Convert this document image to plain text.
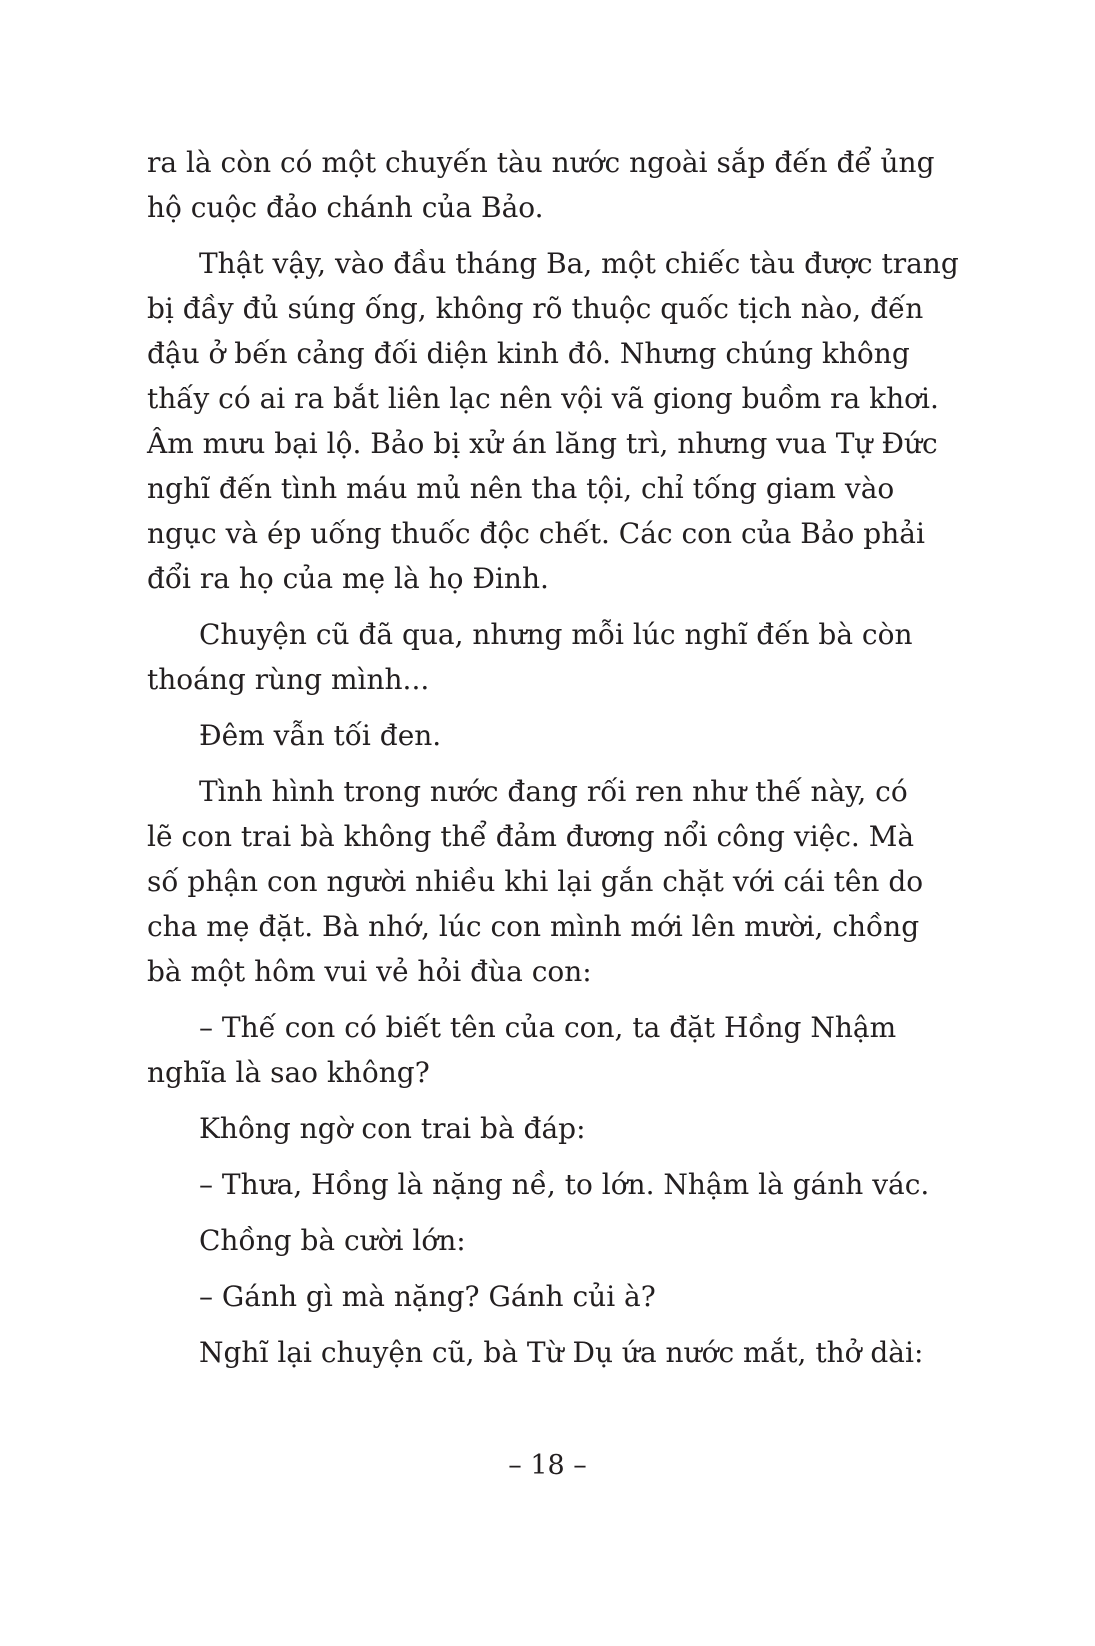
ra là còn có một chuyến tàu nước ngoài sắp đến để ủng
hộ cuộc đảo chánh của Bảo.
Thật vậy, vào đầu tháng Ba, một chiếc tàu được trang
bị đầy đủ súng ống, không rõ thuộc quốc tịch nào, đến
đậu ở bến cảng đối diện kinh đô. Nhưng chúng không
thấy có ai ra bắt liên lạc nên vội vã giong buồm ra khơi.
Âm mưu bại lộ. Bảo bị xử án lăng trì, nhưng vua Tự Đức
nghĩ đến tình máu mủ nên tha tội, chỉ tống giam vào
ngục và ép uống thuốc độc chết. Các con của Bảo phải
đổi ra họ của mẹ là họ Đinh.
Chuyện cũ đã qua, nhưng mỗi lúc nghĩ đến bà còn
thoáng rùng mình...
Đêm vẫn tối đen.
Tình hình trong nước đang rối ren như thế này, có
lẽ con trai bà không thể đảm đương nổi công việc. Mà
số phận con người nhiều khi lại gắn chặt với cái tên do
cha mẹ đặt. Bà nhớ, lúc con mình mới lên mười, chồng
bà một hôm vui vẻ hỏi đùa con:
– Thế con có biết tên của con, ta đặt Hồng Nhậm
nghĩa là sao không?
Không ngờ con trai bà đáp:
– Thưa, Hồng là nặng nề, to lớn. Nhậm là gánh vác.
Chồng bà cười lớn:
– Gánh gì mà nặng? Gánh củi à?
Nghĩ lại chuyện cũ, bà Từ Dụ ứa nước mắt, thở dài:
– 18 –
